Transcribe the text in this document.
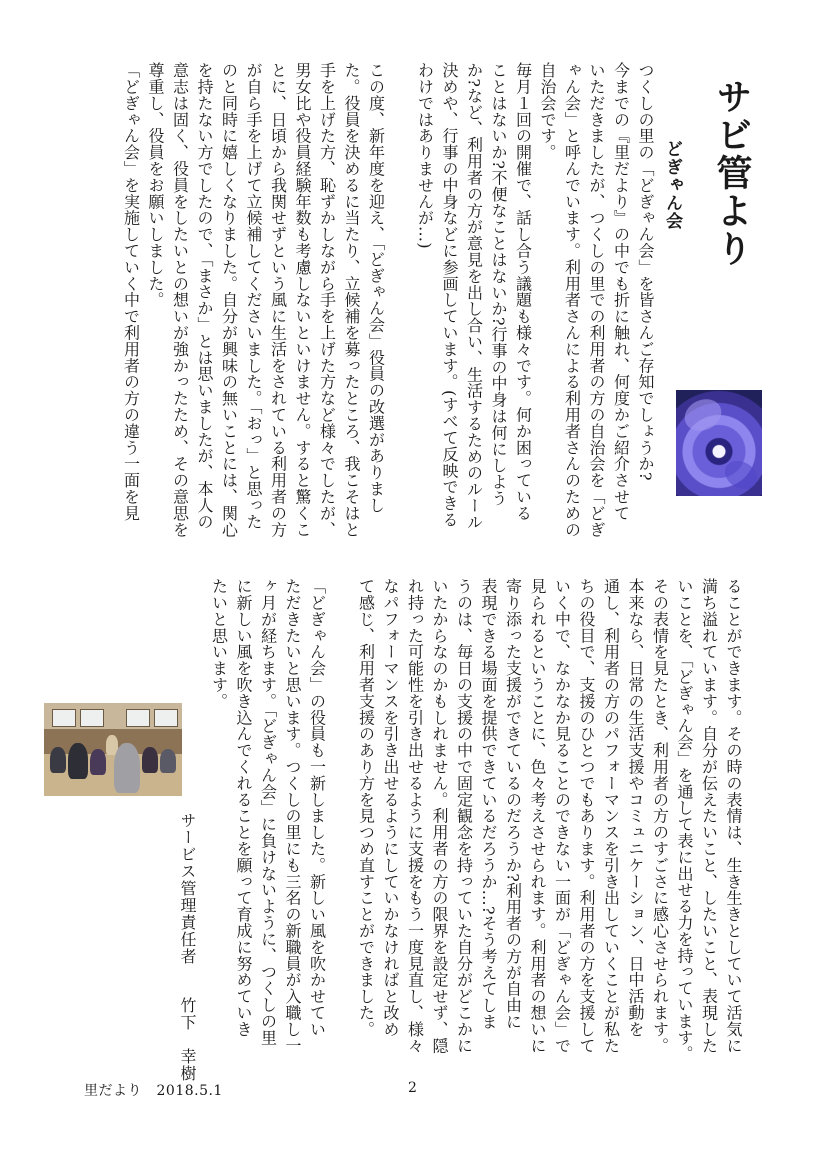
サビ管より
どぎゃん会
つくしの里の「どぎゃん会」を皆さんご存知でしょうか?
今までの『里だより』の中でも折に触れ、何度かご紹介させて
いただきましたが、つくしの里での利用者の方の自治会を「どぎ
ゃん会」と呼んでいます。利用者さんによる利用者さんのための
自治会です。
毎月１回の開催で、話し合う議題も様々です。何か困っている
ことはないか?不便なことはないか?行事の中身は何にしよう
か?など、利用者の方が意見を出し合い、生活するためのルール
決めや、行事の中身などに参画しています。(すべて反映できる
わけではありませんが…)
この度、新年度を迎え、「どぎゃん会」役員の改選がありまし
た。役員を決めるに当たり、立候補を募ったところ、我こそはと
手を上げた方、恥ずかしながら手を上げた方など様々でしたが、
男女比や役員経験年数も考慮しないといけません。すると驚くこ
とに、日頃から我関せずという風に生活をされている利用者の方
が自ら手を上げて立候補してくださいました。「おっ」と思った
のと同時に嬉しくなりました。自分が興味の無いことには、関心
を持たない方でしたので、「まさか」とは思いましたが、本人の
意志は固く、役員をしたいとの想いが強かったため、その意思を
尊重し、役員をお願いしました。
「どぎゃん会」を実施していく中で利用者の方の違う一面を見
ることができます。その時の表情は、生き生きとしていて活気に
満ち溢れています。自分が伝えたいこと、したいこと、表現した
いことを、「どぎゃん会」を通して表に出せる力を持っています。
その表情を見たとき、利用者の方のすごさに感心させられます。
本来なら、日常の生活支援やコミュニケーション、日中活動を
通し、利用者の方のパフォーマンスを引き出していくことが私た
ちの役目で、支援のひとつでもあります。利用者の方を支援して
いく中で、なかなか見ることのできない一面が「どぎゃん会」で
見られるということに、色々考えさせられます。利用者の想いに
寄り添った支援ができているのだろうか?利用者の方が自由に
表現できる場面を提供できているだろうか…?そう考えてしま
うのは、毎日の支援の中で固定観念を持っていた自分がどこかに
いたからなのかもしれません。利用者の方の限界を設定せず、隠
れ持った可能性を引き出せるように支援をもう一度見直し、様々
なパフォーマンスを引き出せるようにしていかなければと改め
て感じ、利用者支援のあり方を見つめ直すことができました。
「どぎゃん会」の役員も一新しました。新しい風を吹かせてい
ただきたいと思います。つくしの里にも三名の新職員が入職し一
ヶ月が経ちます。「どぎゃん会」に負けないように、つくしの里
に新しい風を吹き込んでくれることを願って育成に努めていき
たいと思います。
サービス管理責任者
竹下　幸樹
里だより　2018.5.1	2
